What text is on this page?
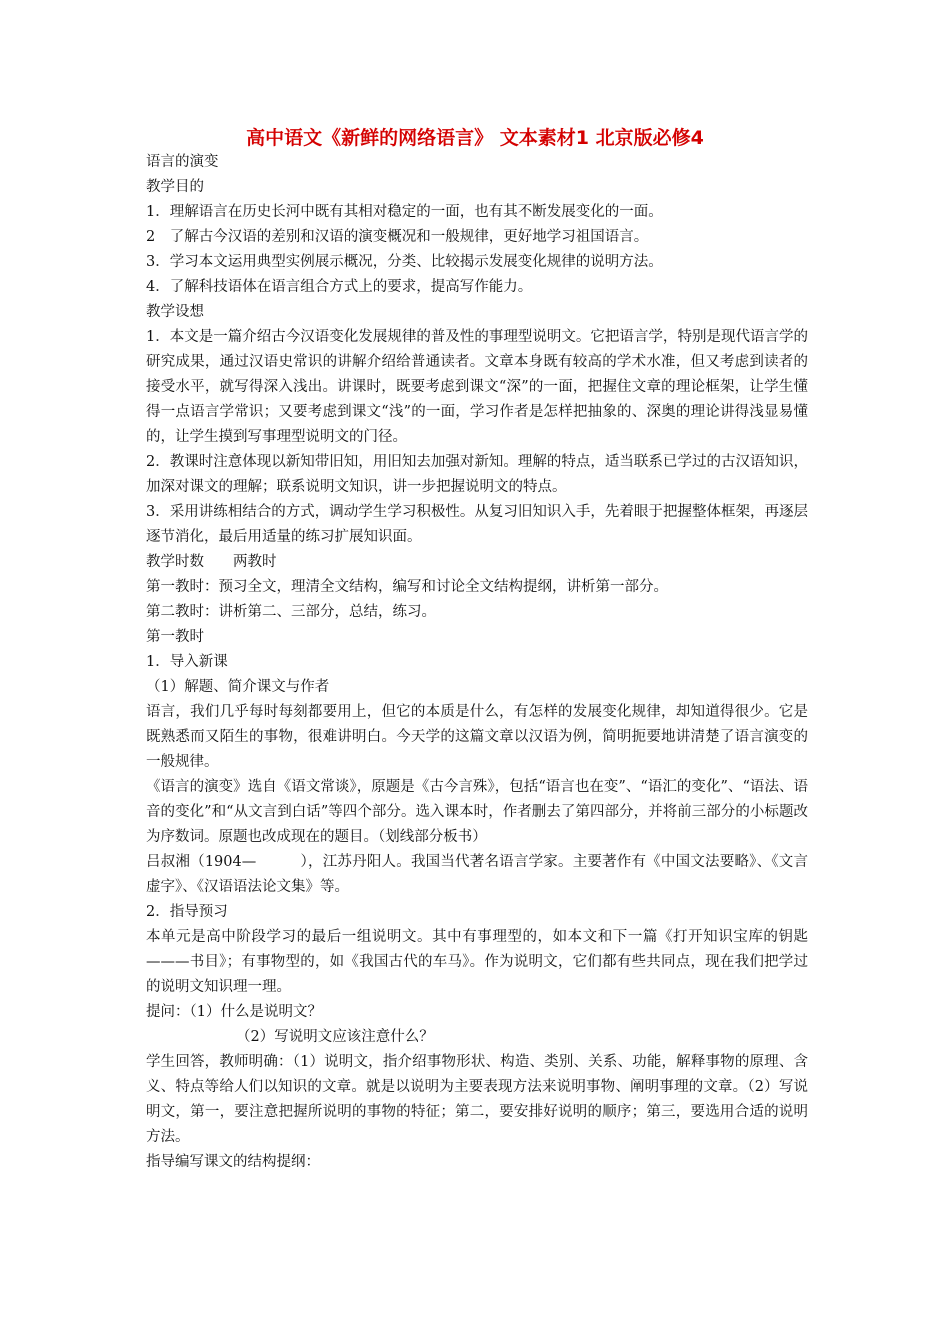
高中语文《新鲜的网络语言》 文本素材1 北京版必修4

语言的演变

教学目的

1．理解语言在历史长河中既有其相对稳定的一面，也有其不断发展变化的一面。

2　了解古今汉语的差别和汉语的演变概况和一般规律，更好地学习祖国语言。

3．学习本文运用典型实例展示概况，分类、比较揭示发展变化规律的说明方法。

4．了解科技语体在语言组合方式上的要求，提高写作能力。

教学设想

1．本文是一篇介绍古今汉语变化发展规律的普及性的事理型说明文。它把语言学，特别是现代语言学的研究成果，通过汉语史常识的讲解介绍给普通读者。文章本身既有较高的学术水准，但又考虑到读者的接受水平，就写得深入浅出。讲课时，既要考虑到课文“深”的一面，把握住文章的理论框架，让学生懂得一点语言学常识；又要考虑到课文“浅”的一面，学习作者是怎样把抽象的、深奥的理论讲得浅显易懂的，让学生摸到写事理型说明文的门径。

2．教课时注意体现以新知带旧知，用旧知去加强对新知。理解的特点，适当联系已学过的古汉语知识，加深对课文的理解；联系说明文知识，讲一步把握说明文的特点。

3．采用讲练相结合的方式，调动学生学习积极性。从复习旧知识入手，先着眼于把握整体框架，再逐层逐节消化，最后用适量的练习扩展知识面。

教学时数　　两教时

第一教时：预习全文，理清全文结构，编写和讨论全文结构提纲，讲析第一部分。

第二教时：讲析第二、三部分，总结，练习。

第一教时

1．导入新课

（1）解题、简介课文与作者

语言，我们几乎每时每刻都要用上，但它的本质是什么，有怎样的发展变化规律，却知道得很少。它是既熟悉而又陌生的事物，很难讲明白。今天学的这篇文章以汉语为例，简明扼要地讲清楚了语言演变的一般规律。

《语言的演变》选自《语文常谈》，原题是《古今言殊》，包括“语言也在变”、“语汇的变化”、“语法、语音的变化”和“从文言到白话”等四个部分。选入课本时，作者删去了第四部分，并将前三部分的小标题改为序数词。原题也改成现在的题目。（划线部分板书）

吕叔湘（1904—　　　），江苏丹阳人。我国当代著名语言学家。主要著作有《中国文法要略》、《文言虚字》、《汉语语法论文集》等。

2．指导预习

本单元是高中阶段学习的最后一组说明文。其中有事理型的，如本文和下一篇《打开知识宝库的钥匙———书目》；有事物型的，如《我国古代的车马》。作为说明文，它们都有些共同点，现在我们把学过的说明文知识理一理。

提问：（1）什么是说明文？

（2）写说明文应该注意什么？

学生回答，教师明确：（1）说明文，指介绍事物形状、构造、类别、关系、功能，解释事物的原理、含义、特点等给人们以知识的文章。就是以说明为主要表现方法来说明事物、阐明事理的文章。（2）写说明文，第一，要注意把握所说明的事物的特征；第二，要安排好说明的顺序；第三，要选用合适的说明方法。

指导编写课文的结构提纲：
